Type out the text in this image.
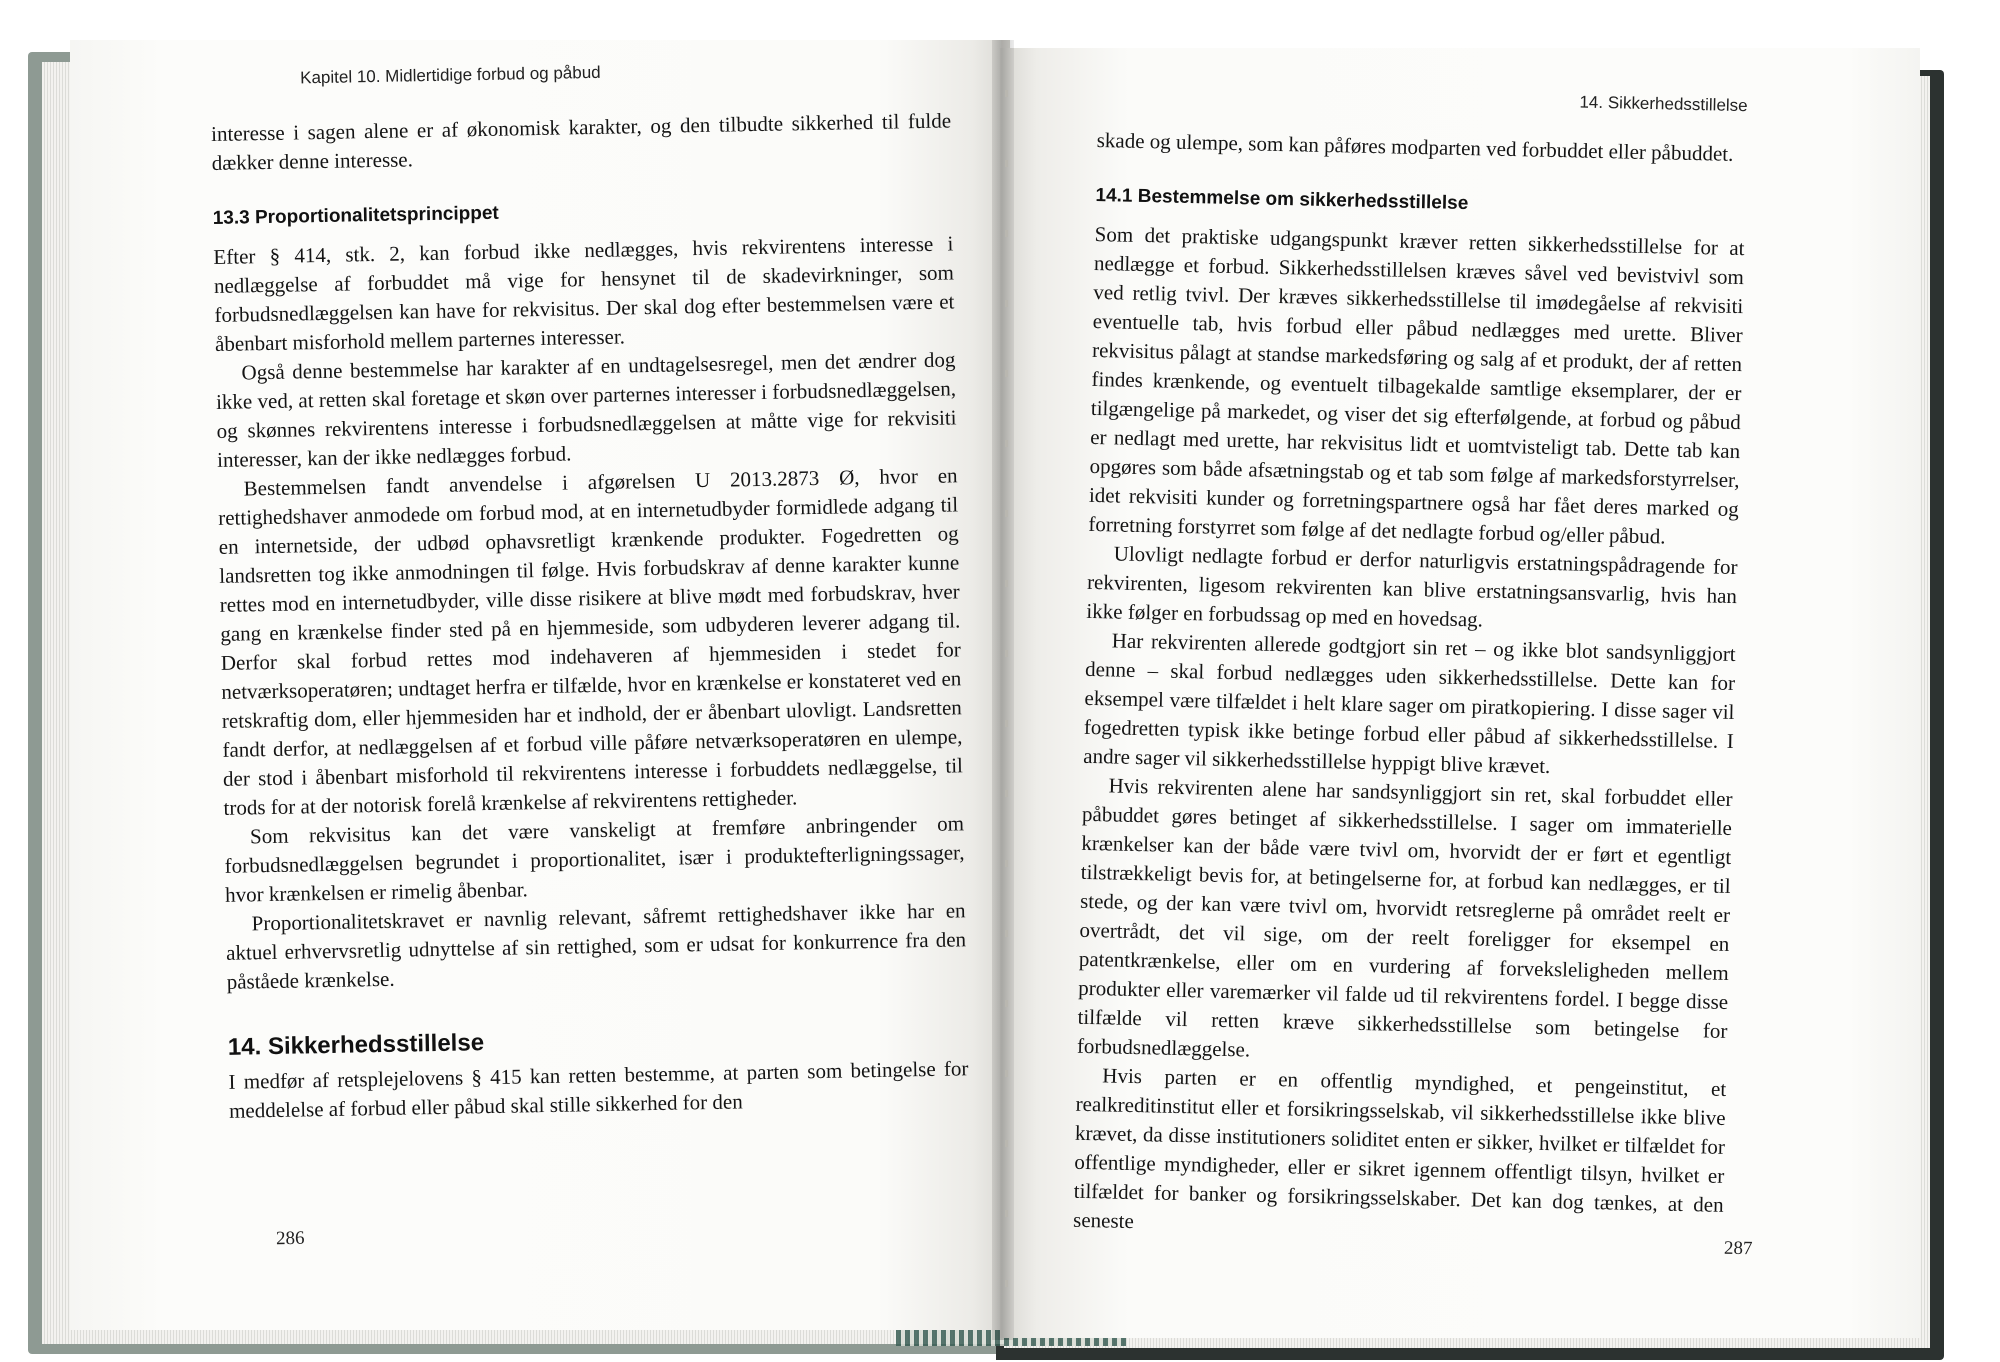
Kapitel 10. Midlertidige forbud og påbud

interesse i sagen alene er af økonomisk karakter, og den tilbudte sikkerhed til fulde dækker denne interesse.

13.3 Proportionalitetsprincippet

Efter § 414, stk. 2, kan forbud ikke nedlægges, hvis rekvirentens interesse i nedlæggelse af forbuddet må vige for hensynet til de skadevirkninger, som forbudsnedlæggelsen kan have for rekvisitus. Der skal dog efter bestemmelsen være et åbenbart misforhold mellem parternes interesser.

Også denne bestemmelse har karakter af en undtagelsesregel, men det ændrer dog ikke ved, at retten skal foretage et skøn over parternes interesser i forbudsnedlæggelsen, og skønnes rekvirentens interesse i forbudsnedlæggelsen at måtte vige for rekvisiti interesser, kan der ikke nedlægges forbud.

Bestemmelsen fandt anvendelse i afgørelsen U 2013.2873 Ø, hvor en rettighedshaver anmodede om forbud mod, at en internetudbyder formidlede adgang til en internetside, der udbød ophavsretligt krænkende produkter. Fogedretten og landsretten tog ikke anmodningen til følge. Hvis forbudskrav af denne karakter kunne rettes mod en internetudbyder, ville disse risikere at blive mødt med forbudskrav, hver gang en krænkelse finder sted på en hjemmeside, som udbyderen leverer adgang til. Derfor skal forbud rettes mod indehaveren af hjemmesiden i stedet for netværksoperatøren; undtaget herfra er tilfælde, hvor en krænkelse er konstateret ved en retskraftig dom, eller hjemmesiden har et indhold, der er åbenbart ulovligt. Landsretten fandt derfor, at nedlæggelsen af et forbud ville påføre netværksoperatøren en ulempe, der stod i åbenbart misforhold til rekvirentens interesse i forbuddets nedlæggelse, til trods for at der notorisk forelå krænkelse af rekvirentens rettigheder.

Som rekvisitus kan det være vanskeligt at fremføre anbringender om forbudsnedlæggelsen begrundet i proportionalitet, især i produktefterligningssager, hvor krænkelsen er rimelig åbenbar.

Proportionalitetskravet er navnlig relevant, såfremt rettighedshaver ikke har en aktuel erhvervsretlig udnyttelse af sin rettighed, som er udsat for konkurrence fra den påståede krænkelse.

14. Sikkerhedsstillelse

I medfør af retsplejelovens § 415 kan retten bestemme, at parten som betingelse for meddelelse af forbud eller påbud skal stille sikkerhed for den

14. Sikkerhedsstillelse

skade og ulempe, som kan påføres modparten ved forbuddet eller påbuddet.

14.1 Bestemmelse om sikkerhedsstillelse

Som det praktiske udgangspunkt kræver retten sikkerhedsstillelse for at nedlægge et forbud. Sikkerhedsstillelsen kræves såvel ved bevistvivl som ved retlig tvivl. Der kræves sikkerhedsstillelse til imødegåelse af rekvisiti eventuelle tab, hvis forbud eller påbud nedlægges med urette. Bliver rekvisitus pålagt at standse markedsføring og salg af et produkt, der af retten findes krænkende, og eventuelt tilbagekalde samtlige eksemplarer, der er tilgængelige på markedet, og viser det sig efterfølgende, at forbud og påbud er nedlagt med urette, har rekvisitus lidt et uomtvisteligt tab. Dette tab kan opgøres som både afsætningstab og et tab som følge af markedsforstyrrelser, idet rekvisiti kunder og forretningspartnere også har fået deres marked og forretning forstyrret som følge af det nedlagte forbud og/eller påbud.

Ulovligt nedlagte forbud er derfor naturligvis erstatningspådragende for rekvirenten, ligesom rekvirenten kan blive erstatningsansvarlig, hvis han ikke følger en forbudssag op med en hovedsag.

Har rekvirenten allerede godtgjort sin ret – og ikke blot sandsynliggjort denne – skal forbud nedlægges uden sikkerhedsstillelse. Dette kan for eksempel være tilfældet i helt klare sager om piratkopiering. I disse sager vil fogedretten typisk ikke betinge forbud eller påbud af sikkerhedsstillelse. I andre sager vil sikkerhedsstillelse hyppigt blive krævet.

Hvis rekvirenten alene har sandsynliggjort sin ret, skal forbuddet eller påbuddet gøres betinget af sikkerhedsstillelse. I sager om immaterielle krænkelser kan der både være tvivl om, hvorvidt der er ført et egentligt tilstrækkeligt bevis for, at betingelserne for, at forbud kan nedlægges, er til stede, og der kan være tvivl om, hvorvidt retsreglerne på området reelt er overtrådt, det vil sige, om der reelt foreligger for eksempel en patentkrænkelse, eller om en vurdering af forveksleligheden mellem produkter eller varemærker vil falde ud til rekvirentens fordel. I begge disse tilfælde vil retten kræve sikkerhedsstillelse som betingelse for forbudsnedlæggelse.

Hvis parten er en offentlig myndighed, et pengeinstitut, et realkreditinstitut eller et forsikringsselskab, vil sikkerhedsstillelse ikke blive krævet, da disse institutioners soliditet enten er sikker, hvilket er tilfældet for offentlige myndigheder, eller er sikret igennem offentligt tilsyn, hvilket er tilfældet for banker og forsikringsselskaber. Det kan dog tænkes, at den seneste

286	287
